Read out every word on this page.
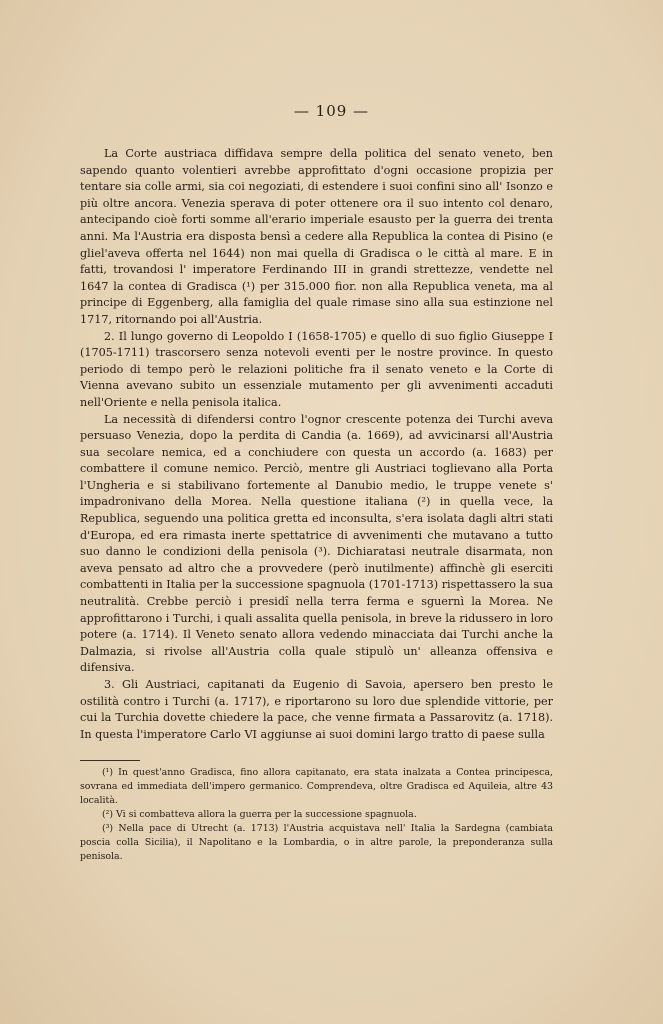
— 109 —

La Corte austriaca diffidava sempre della politica del senato veneto, ben sapendo quanto volentieri avrebbe approfittato d'ogni occasione propizia per tentare sia colle armi, sia coi negoziati, di estendere i suoi confini sino all' Isonzo e più oltre ancora. Venezia sperava di poter ottenere ora il suo intento col denaro, antecipando cioè forti somme all'erario imperiale esausto per la guerra dei trenta anni. Ma l'Austria era disposta bensì a cedere alla Republica la contea di Pisino (e gliel'aveva offerta nel 1644) non mai quella di Gradisca o le città al mare. E in fatti, trovandosi l' imperatore Ferdinando III in grandi strettezze, vendette nel 1647 la contea di Gradisca (¹) per 315.000 fior. non alla Republica veneta, ma al principe di Eggenberg, alla famiglia del quale rimase sino alla sua estinzione nel 1717, ritornando poi all'Austria.

2. Il lungo governo di Leopoldo I (1658-1705) e quello di suo figlio Giuseppe I (1705-1711) trascorsero senza notevoli eventi per le nostre province. In questo periodo di tempo però le relazioni politiche fra il senato veneto e la Corte di Vienna avevano subito un essenziale mutamento per gli avvenimenti accaduti nell'Oriente e nella penisola italica.

La necessità di difendersi contro l'ognor crescente potenza dei Turchi aveva persuaso Venezia, dopo la perdita di Candia (a. 1669), ad avvicinarsi all'Austria sua secolare nemica, ed a conchiudere con questa un accordo (a. 1683) per combattere il comune nemico. Perciò, mentre gli Austriaci toglievano alla Porta l'Ungheria e si stabilivano fortemente al Danubio medio, le truppe venete s' impadronivano della Morea. Nella questione italiana (²) in quella vece, la Republica, seguendo una politica gretta ed inconsulta, s'era isolata dagli altri stati d'Europa, ed era rimasta inerte spettatrice di avvenimenti che mutavano a tutto suo danno le condizioni della penisola (³). Dichiaratasi neutrale disarmata, non aveva pensato ad altro che a provvedere (però inutilmente) affinchè gli eserciti combattenti in Italia per la successione spagnuola (1701-1713) rispettassero la sua neutralità. Crebbe perciò i presidî nella terra ferma e sguernì la Morea. Ne approfittarono i Turchi, i quali assalita quella penisola, in breve la ridussero in loro potere (a. 1714). Il Veneto senato allora vedendo minacciata dai Turchi anche la Dalmazia, si rivolse all'Austria colla quale stipulò un' alleanza offensiva e difensiva.

3. Gli Austriaci, capitanati da Eugenio di Savoia, apersero ben presto le ostilità contro i Turchi (a. 1717), e riportarono su loro due splendide vittorie, per cui la Turchia dovette chiedere la pace, che venne firmata a Passarovitz (a. 1718). In questa l'imperatore Carlo VI aggiunse ai suoi domini largo tratto di paese sulla

(¹) In quest'anno Gradisca, fino allora capitanato, era stata inalzata a Contea principesca, sovrana ed immediata dell'impero germanico. Comprendeva, oltre Gradisca ed Aquileia, altre 43 località.

(²) Vi si combatteva allora la guerra per la successione spagnuola.

(³) Nella pace di Utrecht (a. 1713) l'Austria acquistava nell' Italia la Sardegna (cambiata poscia colla Sicilia), il Napolitano e la Lombardia, o in altre parole, la preponderanza sulla penisola.
